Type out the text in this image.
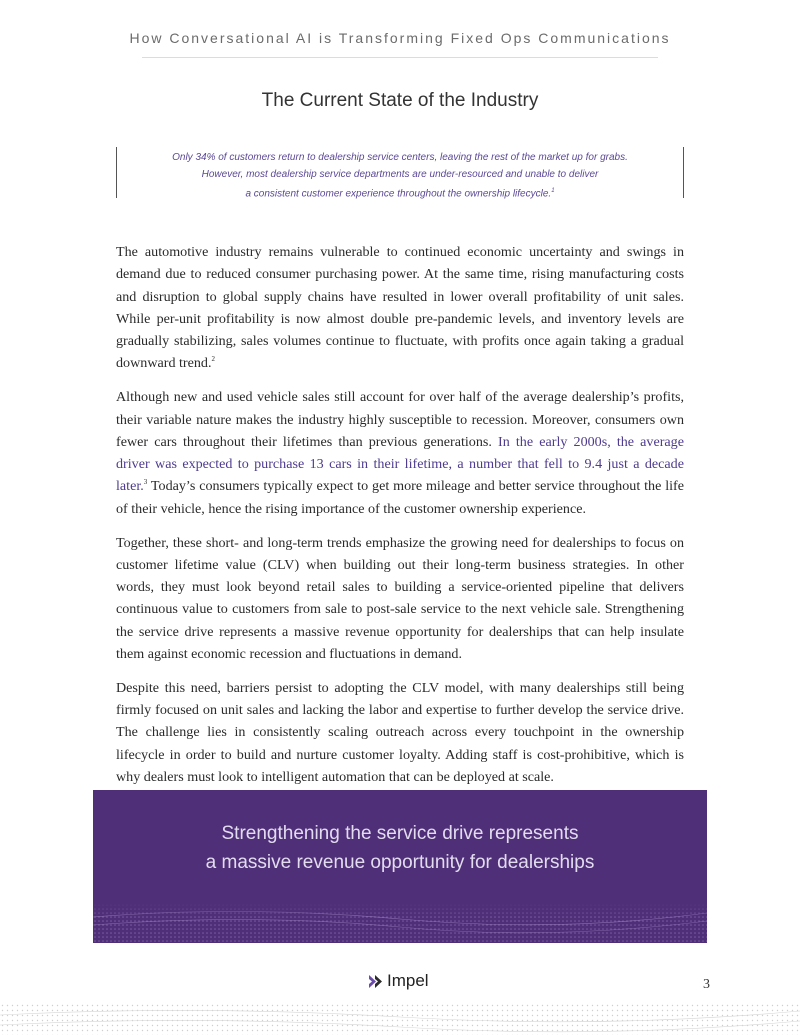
How Conversational AI is Transforming Fixed Ops Communications
The Current State of the Industry
Only 34% of customers return to dealership service centers, leaving the rest of the market up for grabs.
However, most dealership service departments are under-resourced and unable to deliver
a consistent customer experience throughout the ownership lifecycle.$^1$

The automotive industry remains vulnerable to continued economic uncertainty and swings in demand due to reduced consumer purchasing power. At the same time, rising manufacturing costs and disruption to global supply chains have resulted in lower overall profitability of unit sales. While per-unit profitability is now almost double pre-pandemic levels, and inventory levels are gradually stabilizing, sales volumes continue to fluctuate, with profits once again taking a gradual downward trend.$^2$

Although new and used vehicle sales still account for over half of the average dealership’s profits, their variable nature makes the industry highly susceptible to recession. Moreover, consumers own fewer cars throughout their lifetimes than previous generations. In the early 2000s, the average driver was expected to purchase 13 cars in their lifetime, a number that fell to 9.4 just a decade later.$^3$ Today’s consumers typically expect to get more mileage and better service throughout the life of their vehicle, hence the rising importance of the customer ownership experience.

Together, these short- and long-term trends emphasize the growing need for dealerships to focus on customer lifetime value (CLV) when building out their long-term business strategies. In other words, they must look beyond retail sales to building a service-oriented pipeline that delivers continuous value to customers from sale to post-sale service to the next vehicle sale. Strengthening the service drive represents a massive revenue opportunity for dealerships that can help insulate them against economic recession and fluctuations in demand.

Despite this need, barriers persist to adopting the CLV model, with many dealerships still being firmly focused on unit sales and lacking the labor and expertise to further develop the service drive. The challenge lies in consistently scaling outreach across every touchpoint in the ownership lifecycle in order to build and nurture customer loyalty. Adding staff is cost-prohibitive, which is why dealers must look to intelligent automation that can be deployed at scale.

Strengthening the service drive represents
a massive revenue opportunity for dealerships
Impel	3
